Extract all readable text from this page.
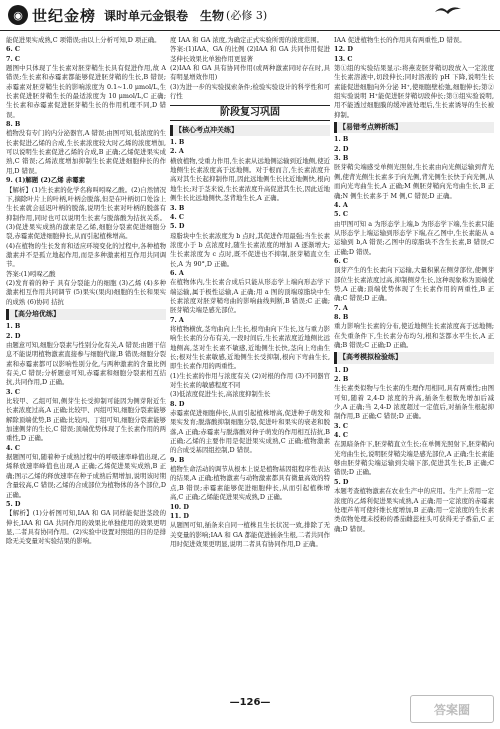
◉ 世纪金榜 课时单元金银卷 生物 (必修 3)

能促进果实成熟,C 项错误;由以上分析可知,D 项正确。

6. C

7. C

题图中只体现了生长素对胚芽鞘生长具有促进作用,故 A 错误;生长素和赤霉素都能够促进胚芽鞘的生长,B 错误;赤霉素对胚芽鞘生长的影响浓度为 0.1~1.0 μmol/L,生长素促进胚芽鞘生长的最适浓度为 10 μmol/L,C 正确;生长素和赤霉素促进胚芽鞘生长的作用机理不同,D 错误。

8. B

植物没有专门的内分泌器官,A 错误;由图可知,低浓度的生长素促进乙烯的合成,生长素浓度较大时乙烯的浓度增加,可以说明生长素促进乙烯的合成,B 正确;乙烯促进果实成熟,C 错误;乙烯浓度增加抑制生长素促进细胞伸长的作用,D 错误。

9. (1)解题 (2)乙烯 赤霉素

【解析】(1)生长素的化学名称叫吲哚乙酸。(2)自然情况下,摘除叶片上的叶柄,叶柄会脱落,但是在叶柄切口处涂上生长素就会延迟叶柄的脱落,说明生长素对叶柄的脱落有抑制作用,同时也可以说明生长素与脱落酸为拮抗关系。(3)促进果实成熟的激素是乙烯,细胞分裂素促进细胞分裂,赤霉素促进细胞伸长,从而引起植株增高。

(4)在植物的生长发育和适应环境变化的过程中,各种植物激素并不是孤立地起作用,而是多种激素相互作用共同调节。

答案:(1)吲哚乙酸

(2)发育着的种子 具有分裂能力的细胞 (3)乙烯 (4)多种激素相互作用共同调节 (5)果实(果肉)细胞的生长和果实的成熟 (6)协同 拮抗

【高分培优练】

1. B

2. D

由题意可知,细胞分裂素与性别分化有关,A 错误;由题干信息不能说明植物激素直接参与细胞代谢,B 错误;细胞分裂素和赤霉素都可以影响性别分化,与两种激素的含量比例有关,C 错误;分析题意可知,赤霉素和细胞分裂素相互拮抗,共同作用,D 正确。

3. C

比较甲、乙组可知,侧芽生长受抑制可能因为侧芽附近生长素浓度过高,A 正确;比较甲、丙组可知,细胞分裂素能够解除顶端优势,B 正确;比较丙、丁组可知,细胞分裂素能够加速侧芽的生长,C 错误;顶端优势体现了生长素作用的两重性,D 正确。

4. C

据题图可知,随着种子成熟过程中的呼吸速率峰值出现,乙烯释放速率峰值也出现,A 正确;乙烯促进果实成熟,B 正确;图示乙烯的释放速率在种子成熟后期增加,说明该时期含量较高,C 错误;乙烯的合成部位为植物体的各个部位,D 正确。

5. D

【解析】(1)分析图可知,IAA 和 GA 同样能促进茎段的伸长,IAA 和 GA 共同作用的效果比单独使用的效果更明显,二者具有协同作用。(2)实验中设置对照组的目的是排除无关变量对实验结果的影响。

度 IAA 和 GA 浓度,为确定正式实验所需的浓度范围。

答案:(1)IAA、GA 的比例 (2)IAA 和 GA 共同作用促进茎伸长效果比单独作用更显著

(2)IAA 和 GA 具有协同作用(或两种激素同时存在时,具有明显增效作用)

(3)为进一步的实验摸索条件;检验实验设计的科学性和可行性

阶段复习巩固
【核心考点冲关练】

1. B

2. A

横放植物,受重力作用,生长素从远地侧运输到近地侧,使近地侧生长素浓度高于远地侧。对于根而言,生长素浓度升高对其生长起抑制作用,因此远地侧生长比近地侧快,根向地生长;对于茎来说,生长素浓度升高促进其生长,因此近地侧生长比远地侧快,茎背地生长,A 正确。

3. B

4. C

5. D

琼脂块中生长素浓度为 b 点时,其促进作用最强;当生长素浓度小于 b 点浓度时,随生长素浓度的增加 A 逐渐增大;生长素浓度为 c 点时,既不促进也不抑制,胚芽鞘直立生长,A 为 90°,D 正确。

6. A

在植物体内,生长素合成后只能从形态学上端向形态学下端运输,属于极性运输,A 正确;用 a 图的顶端琼脂块中生长素浓度对胚芽鞘弯曲的影响曲线判断,B 错误;C 正确;胚芽鞘尖端是感光部位。

7. A

将植物横放,茎弯曲向上生长,根弯曲向下生长,这与重力影响生长素的分布有关,一段时间后,生长素浓度近地侧比远地侧高,茎对生长素不敏感,近地侧生长快,茎向上弯曲生长;根对生长素敏感,近地侧生长受抑制,根向下弯曲生长,即生长素作用的两重性。

(1)生长素的作用与浓度有关 (2)对根的作用 (3)不同器官对生长素的敏感程度不同

(3)低浓度促进生长,高浓度抑制生长

8. D

赤霉素促进细胞伸长,从而引起植株增高,促进种子萌发和果实发育;脱落酸抑制细胞分裂,促进叶和果实的衰老和脱落,A 正确;赤霉素与脱落酸对种子萌发的作用相互拮抗,B 正确;乙烯的主要作用是促进果实成熟,C 正确;植物激素的合成受基因组控制,D 错误。

9. B

植物生命活动的调节从根本上说是植物基因组程序性表达的结果,A 正确;植物激素与动物激素都具有微量高效的特点,B 错误;赤霉素能够促进细胞伸长,从而引起植株增高,C 正确;乙烯能促进果实成熟,D 正确。

10. D

11. D

从题图可知,插条来自同一植株且生长状况一致,排除了无关变量的影响;IAA 和 GA 都能促进插条生根,二者共同作用时促进效果更明显,说明二者具有协同作用,D 正确。

IAA 促进植物生长的作用具有两重性,D 错误。

12. D

13. C

第①组的实验结果显示:将燕麦胚芽鞘切段放入一定浓度生长素溶液中,切段伸长;同时溶液的 pH 下降,说明生长素能促进细胞向外分泌 H⁺,使细胞壁松弛,细胞伸长;第②组实验说明 H⁺能促进胚芽鞘切段伸长;第③组实验说明,用不能透过细胞膜的缓冲液处理后,生长素诱导的生长被抑制。

【易错考点辨析练】

1. B

2. D

3. B

胚芽鞘尖端感受单侧光照射,生长素由向光侧运输到背光侧,使背光侧生长素多于向光侧,背光侧生长快于向光侧,从而向光弯曲生长,A 正确;M 侧胚芽鞘向光弯曲生长,B 正确;N 侧生长素多于 M 侧,C 错误;D 正确。

4. A

5. C

由甲图可知 a 为形态学上端,b 为形态学下端,生长素只能从形态学上端运输到形态学下端,在乙图中,生长素能从 a 运输到 b,A 错误;乙图中的琼脂块不含生长素,B 错误;C 正确;D 错误。

6. C

顶芽产生的生长素向下运输,大量积累在侧芽部位,使侧芽部位生长素浓度过高,抑制侧芽生长,这种现象称为顶端优势,A 正确;顶端优势体现了生长素作用的两重性,B 正确;C 错误;D 正确。

7. A

8. B

重力影响生长素的分布,使近地侧生长素浓度高于远地侧;在失重条件下,生长素分布均匀,根和茎都水平生长,A 正确;B 错误;C 正确;D 正确。

【高考模拟检验练】

1. D

2. B

生长素类似物与生长素的生理作用相同,具有两重性;由图可知,随着 2,4-D 浓度的升高,插条生根数先增加后减少,A 正确;当 2,4-D 浓度超过一定值后,对插条生根起抑制作用,B 正确;C 错误;D 正确。

3. C

4. C

在黑暗条件下,胚芽鞘直立生长;在单侧光照射下,胚芽鞘向光弯曲生长,说明胚芽鞘尖端是感光部位,A 正确;生长素能够由胚芽鞘尖端运输到尖端下部,促进其生长,B 正确;C 错误;D 正确。

5. D

本题考查植物激素在农业生产中的应用。生产上常用一定浓度的乙烯利促进果实成熟,A 正确;用一定浓度的赤霉素处理芦苇可使纤维长度增加,B 正确;用一定浓度的生长素类似物处理未授粉的番茄雌蕊柱头可获得无子番茄,C 正确;D 错误。

—126—	答案圈
